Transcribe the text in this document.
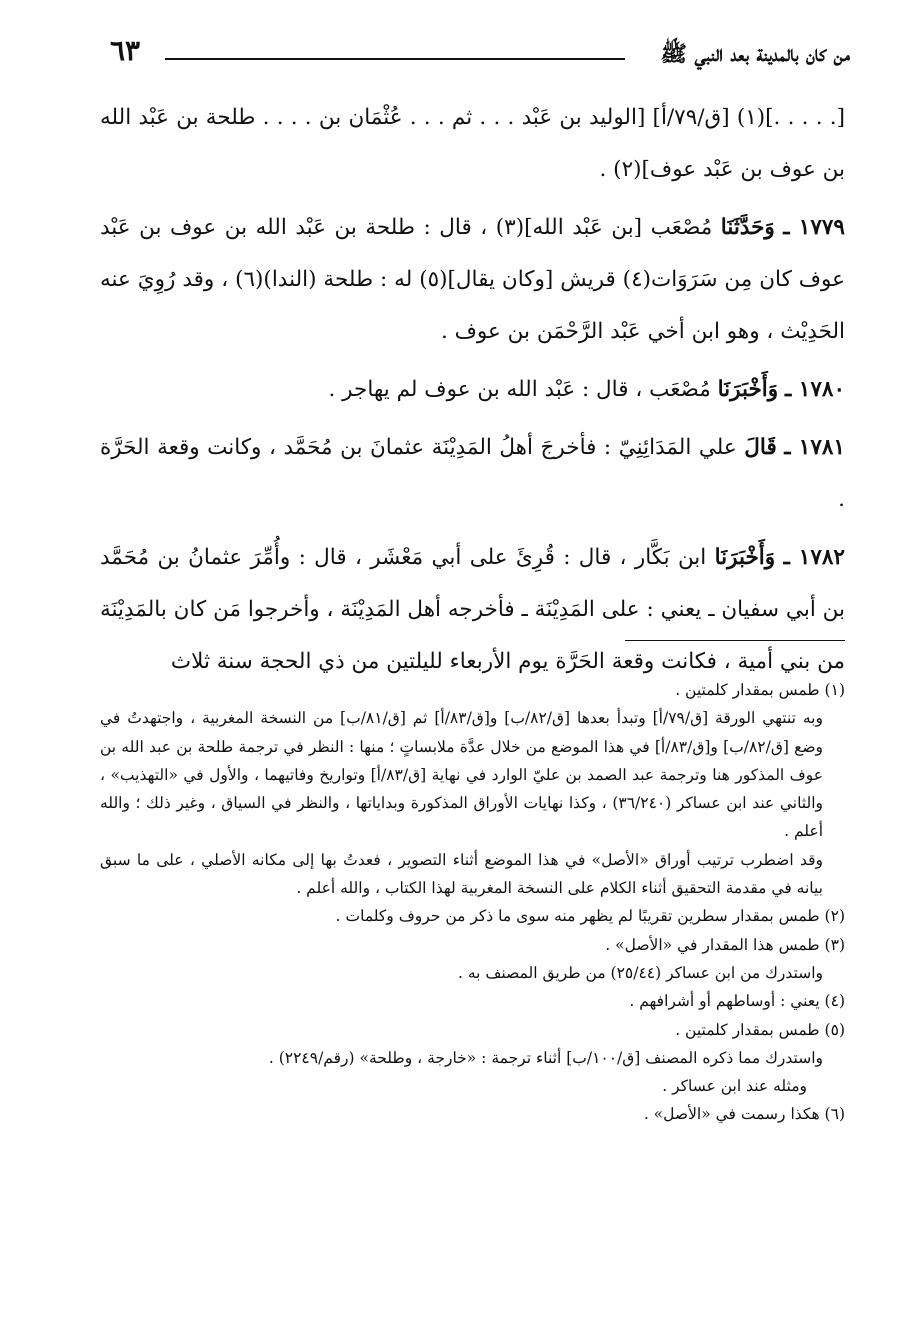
من كان بالمدينة بعد النبي ﷺ
٦٣

[. . . . .](١) [ق/٧٩/أ] [الوليد بن عَبْد . . . ثم . . . عُثْمَان بن . . . . طلحة بن عَبْد الله بن عوف بن عَبْد عوف](٢) .

١٧٧٩ ـ وَحَدَّثَنَا مُصْعَب [بن عَبْد الله](٣) ، قال : طلحة بن عَبْد الله بن عوف بن عَبْد عوف كان مِن سَرَوَات(٤) قريش [وكان يقال](٥) له : طلحة (الندا)(٦) ، وقد رُوِيَ عنه الحَدِيْث ، وهو ابن أخي عَبْد الرَّحْمَن بن عوف .

١٧٨٠ ـ وَأَخْبَرَنَا مُصْعَب ، قال : عَبْد الله بن عوف لم يهاجر .

١٧٨١ ـ قَالَ علي المَدَائِنِيّ : فأخرجَ أهلُ المَدِيْنَة عثمانَ بن مُحَمَّد ، وكانت وقعة الحَرَّة .

١٧٨٢ ـ وَأَخْبَرَنَا ابن بَكَّار ، قال : قُرِئَ على أبي مَعْشَر ، قال : وأُمِّرَ عثمانُ بن مُحَمَّد بن أبي سفيان ـ يعني : على المَدِيْنَة ـ فأخرجه أهل المَدِيْنَة ، وأخرجوا مَن كان بالمَدِيْنَة من بني أمية ، فكانت وقعة الحَرَّة يوم الأربعاء لليلتين من ذي الحجة سنة ثلاث

(١) طمس بمقدار كلمتين .

وبه تنتهي الورقة [ق/٧٩/أ] وتبدأ بعدها [ق/٨٢/ب] و[ق/٨٣/أ] ثم [ق/٨١/ب] من النسخة المغربية ، واجتهدتُ في وضع [ق/٨٢/ب] و[ق/٨٣/أ] في هذا الموضع من خلال عدَّة ملابساتٍ ؛ منها : النظر في ترجمة طلحة بن عبد الله بن عوف المذكور هنا وترجمة عبد الصمد بن عليّ الوارد في نهاية [ق/٨٣/أ] وتواريخ وفاتيهما ، والأول في «التهذيب» ، والثاني عند ابن عساكر (٣٦/٢٤٠) ، وكذا نهايات الأوراق المذكورة وبداياتها ، والنظر في السياق ، وغير ذلك ؛ والله أعلم .

وقد اضطرب ترتيب أوراق «الأصل» في هذا الموضع أثناء التصوير ، فعدتُ بها إلى مكانه الأصلي ، على ما سبق بيانه في مقدمة التحقيق أثناء الكلام على النسخة المغربية لهذا الكتاب ، والله أعلم .

(٢) طمس بمقدار سطرين تقريبًا لم يظهر منه سوى ما ذكر من حروف وكلمات .

(٣) طمس هذا المقدار في «الأصل» .

واستدرك من ابن عساكر (٢٥/٤٤) من طريق المصنف به .

(٤) يعني : أوساطهم أو أشرافهم .

(٥) طمس بمقدار كلمتين .

واستدرك مما ذكره المصنف [ق/١٠٠/ب] أثناء ترجمة : «خارجة ، وطلحة» (رقم/٢٢٤٩) .

ومثله عند ابن عساكر .

(٦) هكذا رسمت في «الأصل» .
